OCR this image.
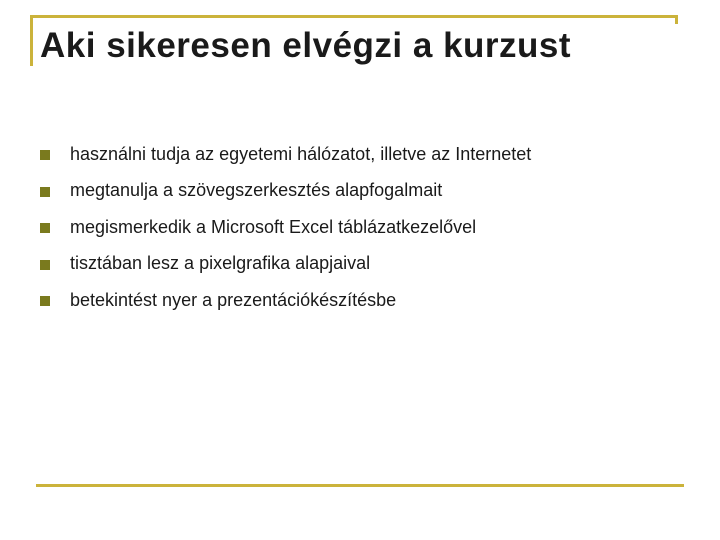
Aki sikeresen elvégzi a kurzust
használni tudja az egyetemi hálózatot, illetve az Internetet
megtanulja a szövegszerkesztés alapfogalmait
megismerkedik a Microsoft Excel táblázatkezelővel
tisztában lesz a pixelgrafika alapjaival
betekintést nyer a prezentációkészítésbe
